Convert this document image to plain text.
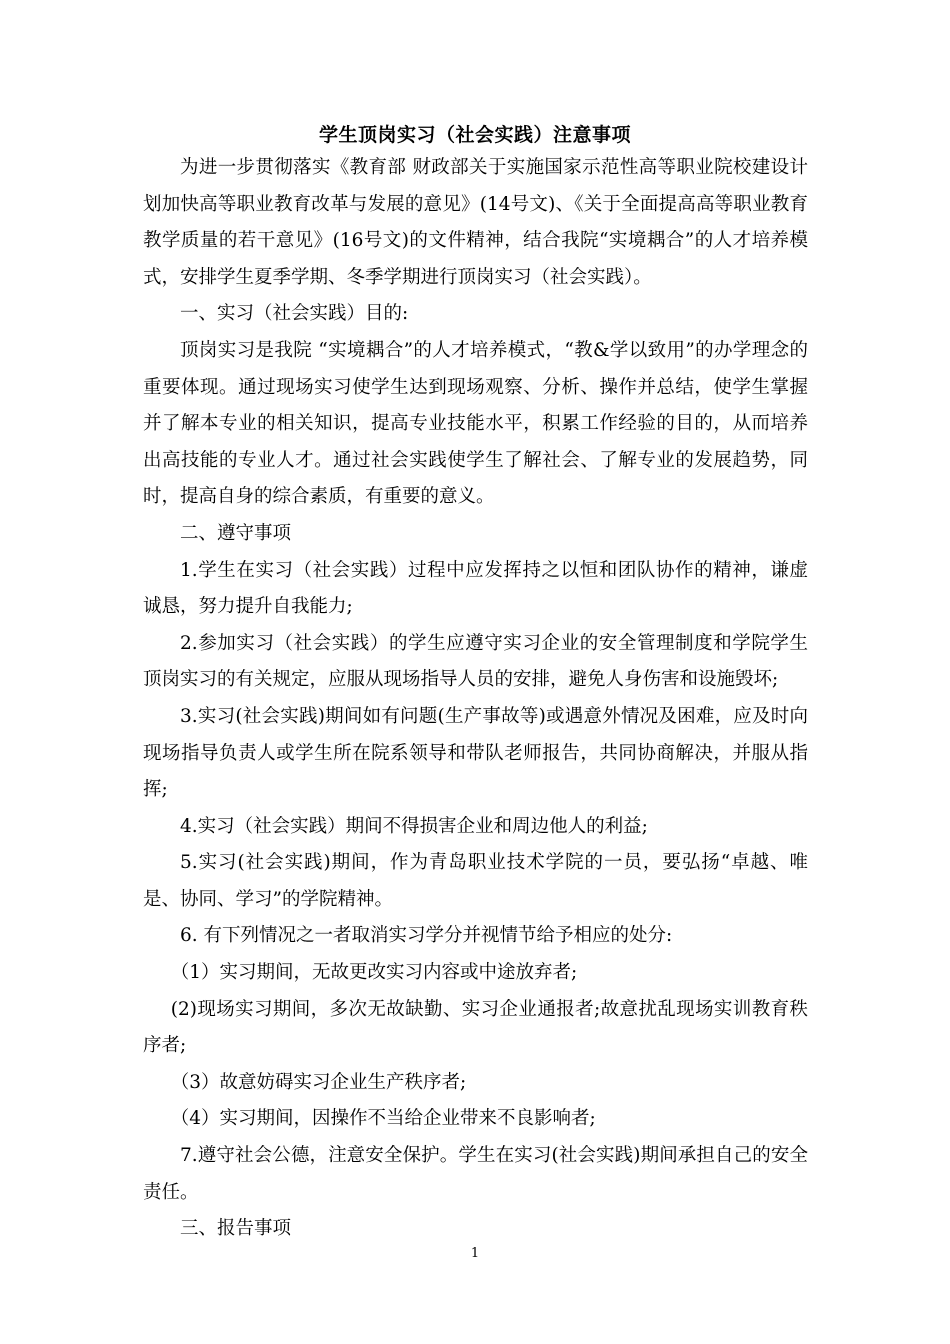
学生顶岗实习（社会实践）注意事项

为进一步贯彻落实《教育部 财政部关于实施国家示范性高等职业院校建设计划加快高等职业教育改革与发展的意见》(14号文)、《关于全面提高高等职业教育教学质量的若干意见》(16号文)的文件精神，结合我院“实境耦合”的人才培养模式，安排学生夏季学期、冬季学期进行顶岗实习（社会实践）。

一、实习（社会实践）目的:

顶岗实习是我院 “实境耦合”的人才培养模式，“教&学以致用”的办学理念的重要体现。通过现场实习使学生达到现场观察、分析、操作并总结，使学生掌握并了解本专业的相关知识，提高专业技能水平，积累工作经验的目的，从而培养出高技能的专业人才。通过社会实践使学生了解社会、了解专业的发展趋势，同时，提高自身的综合素质，有重要的意义。

二、遵守事项

1.学生在实习（社会实践）过程中应发挥持之以恒和团队协作的精神，谦虚诚恳，努力提升自我能力;

2.参加实习（社会实践）的学生应遵守实习企业的安全管理制度和学院学生顶岗实习的有关规定，应服从现场指导人员的安排，避免人身伤害和设施毁坏;

3.实习(社会实践)期间如有问题(生产事故等)或遇意外情况及困难，应及时向现场指导负责人或学生所在院系领导和带队老师报告，共同协商解决，并服从指挥;

4.实习（社会实践）期间不得损害企业和周边他人的利益;

5.实习(社会实践)期间，作为青岛职业技术学院的一员，要弘扬“卓越、唯是、协同、学习”的学院精神。

6. 有下列情况之一者取消实习学分并视情节给予相应的处分:

（1）实习期间，无故更改实习内容或中途放弃者;

(2)现场实习期间，多次无故缺勤、实习企业通报者;故意扰乱现场实训教育秩序者;

（3）故意妨碍实习企业生产秩序者;

（4）实习期间，因操作不当给企业带来不良影响者;

7.遵守社会公德，注意安全保护。学生在实习(社会实践)期间承担自己的安全责任。

三、报告事项

1
